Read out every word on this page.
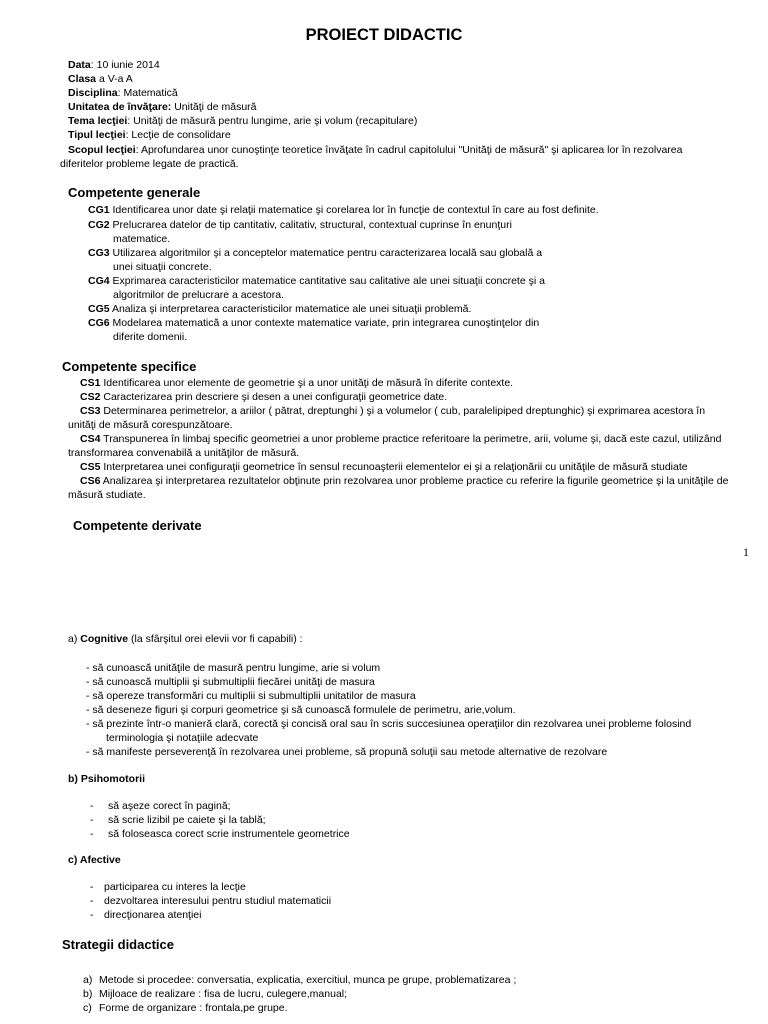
PROIECT DIDACTIC
Data: 10 iunie 2014
Clasa a V-a A
Disciplina: Matematică
Unitatea de învăţare: Unităţi de măsură
Tema lecţiei: Unităţi de măsură pentru lungime, arie şi volum (recapitulare)
Tipul lecţiei: Lecţie de consolidare
Scopul lecţiei: Aprofundarea unor cunoştinţe teoretice învăţate în cadrul capitolului "Unităţi de măsură" şi aplicarea lor în rezolvarea
diferitelor probleme legate de practică.
Competente generale
CG1 Identificarea unor date şi relaţii matematice şi corelarea lor în funcţie de contextul în care au fost definite.
CG2 Prelucrarea datelor de tip cantitativ, calitativ, structural, contextual cuprinse în enunţuri
matematice.
CG3 Utilizarea algoritmilor şi a conceptelor matematice pentru caracterizarea locală sau globală a
unei situaţii concrete.
CG4 Exprimarea caracteristicilor matematice cantitative sau calitative ale unei situaţii concrete şi a
algoritmilor de prelucrare a acestora.
CG5 Analiza şi interpretarea caracteristicilor matematice ale unei situaţii problemă.
CG6 Modelarea matematică a unor contexte matematice variate, prin integrarea cunoştinţelor din
diferite domenii.
Competente specifice
CS1 Identificarea unor elemente de geometrie şi a unor unităţi de măsură în diferite contexte.
CS2 Caracterizarea prin descriere şi desen a unei configuraţii geometrice date.
CS3 Determinarea perimetrelor, a ariilor ( pătrat, dreptunghi ) şi a volumelor ( cub, paralelipiped dreptunghic) şi exprimarea acestora în
unităţi de măsură corespunzătoare.
CS4 Transpunerea în limbaj specific geometriei a unor probleme practice referitoare la perimetre, arii, volume şi, dacă este cazul, utilizând
transformarea convenabilă a unităţilor de măsură.
CS5 Interpretarea unei configuraţii geometrice în sensul recunoaşterii elementelor ei şi a relaţionării cu unităţile de măsură studiate
CS6 Analizarea şi interpretarea rezultatelor obţinute prin rezolvarea unor probleme practice cu referire la figurile geometrice şi la unităţile de
măsură studiate.
Competente derivate
1
a) Cognitive (la sfârşitul orei elevii vor fi capabili) :
- să cunoască unităţile de masură pentru lungime, arie si volum
- să cunoască multiplii şi submultiplii fiecărei unităţi de masura
- să opereze transformări cu multiplii si submultiplii unitatilor de masura
- să deseneze figuri şi corpuri geometrice şi să cunoască formulele de perimetru, arie,volum.
- să prezinte într-o manieră clară, corectă şi concisă oral sau în scris succesiunea operaţiilor din rezolvarea unei probleme folosind
terminologia şi notaţiile adecvate
- să manifeste perseverenţă în rezolvarea unei probleme, să propună soluţii sau metode alternative de rezolvare
b) Psihomotorii
- să aşeze corect în pagină;
- să scrie lizibil pe caiete şi la tablă;
- să foloseasca corect scrie instrumentele geometrice
c) Afective
- participarea cu interes la lecţie
- dezvoltarea interesului pentru studiul matematicii
- direcţionarea atenţiei
Strategii didactice
a) Metode si procedee: conversatia, explicatia, exercitiul, munca pe grupe, problematizarea ;
b) Mijloace de realizare : fisa de lucru, culegere,manual;
c) Forme de organizare : frontala,pe grupe.
